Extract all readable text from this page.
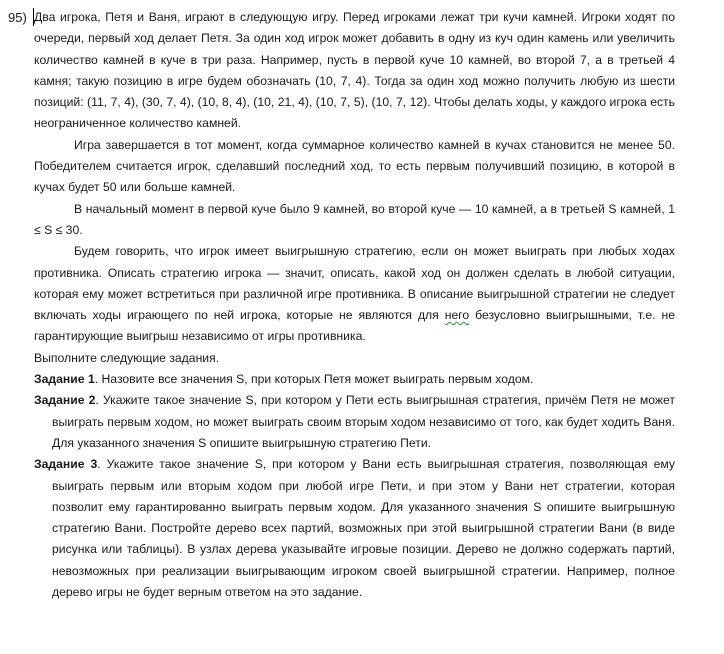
95) Два игрока, Петя и Ваня, играют в следующую игру. Перед игроками лежат три кучи камней. Игроки ходят по очереди, первый ход делает Петя. За один ход игрок может добавить в одну из куч один камень или увеличить количество камней в куче в три раза. Например, пусть в первой куче 10 камней, во второй 7, а в третьей 4 камня; такую позицию в игре будем обозначать (10, 7, 4). Тогда за один ход можно получить любую из шести позиций: (11, 7, 4), (30, 7, 4), (10, 8, 4), (10, 21, 4), (10, 7, 5), (10, 7, 12). Чтобы делать ходы, у каждого игрока есть неограниченное количество камней.

Игра завершается в тот момент, когда суммарное количество камней в кучах становится не менее 50. Победителем считается игрок, сделавший последний ход, то есть первым получивший позицию, в которой в кучах будет 50 или больше камней.

В начальный момент в первой куче было 9 камней, во второй куче — 10 камней, а в третьей S камней, 1 ≤ S ≤ 30.

Будем говорить, что игрок имеет выигрышную стратегию, если он может выиграть при любых ходах противника. Описать стратегию игрока — значит, описать, какой ход он должен сделать в любой ситуации, которая ему может встретиться при различной игре противника. В описание выигрышной стратегии не следует включать ходы играющего по ней игрока, которые не являются для него безусловно выигрышными, т.е. не гарантирующие выигрыш независимо от игры противника.

Выполните следующие задания.

Задание 1. Назовите все значения S, при которых Петя может выиграть первым ходом.

Задание 2. Укажите такое значение S, при котором у Пети есть выигрышная стратегия, причём Петя не может выиграть первым ходом, но может выиграть своим вторым ходом независимо от того, как будет ходить Ваня. Для указанного значения S опишите выигрышную стратегию Пети.

Задание 3. Укажите такое значение S, при котором у Вани есть выигрышная стратегия, позволяющая ему выиграть первым или вторым ходом при любой игре Пети, и при этом у Вани нет стратегии, которая позволит ему гарантированно выиграть первым ходом. Для указанного значения S опишите выигрышную стратегию Вани. Постройте дерево всех партий, возможных при этой выигрышной стратегии Вани (в виде рисунка или таблицы). В узлах дерева указывайте игровые позиции. Дерево не должно содержать партий, невозможных при реализации выигрывающим игроком своей выигрышной стратегии. Например, полное дерево игры не будет верным ответом на это задание.
